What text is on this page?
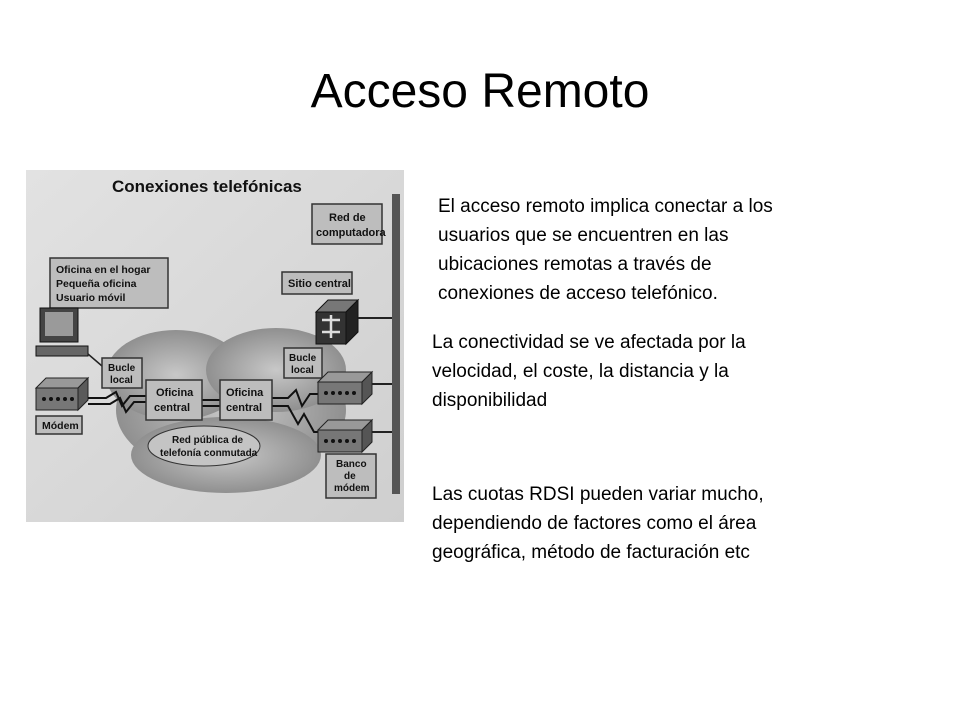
Acceso Remoto
El acceso remoto implica conectar a los usuarios que se encuentren en las ubicaciones remotas a través de conexiones de acceso telefónico.
La conectividad se ve afectada por la velocidad, el coste, la distancia y la disponibilidad
Las cuotas RDSI pueden variar mucho, dependiendo de factores como el área geográfica, método de facturación etc
Conexiones telefónicas
Oficina en el hogar
Pequeña oficina
Usuario móvil
Módem
Bucle
local
Oficina
central
Oficina
central
Red pública de
telefonía conmutada
Red de
computadora
Sitio central
Bucle
local
Banco
de
módem
